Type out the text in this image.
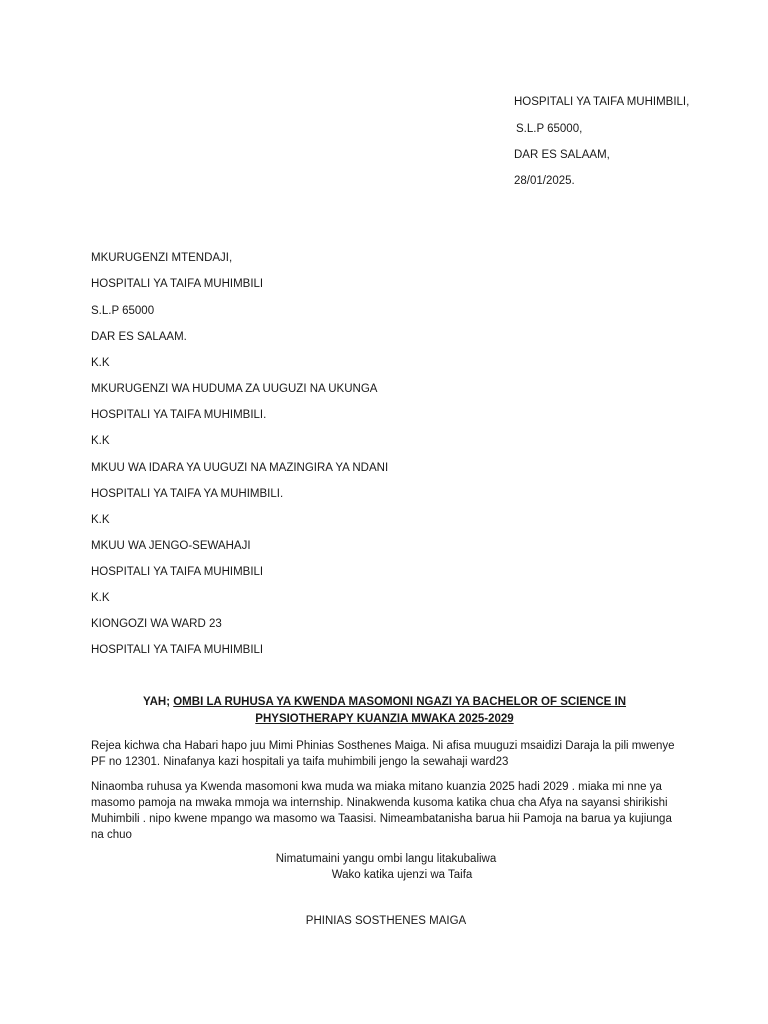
HOSPITALI YA TAIFA MUHIMBILI,
S.L.P 65000,
DAR ES SALAAM,
28/01/2025.
MKURUGENZI MTENDAJI,
HOSPITALI YA TAIFA MUHIMBILI
S.L.P 65000
DAR ES SALAAM.
K.K
MKURUGENZI WA HUDUMA ZA UUGUZI NA UKUNGA
HOSPITALI YA TAIFA MUHIMBILI.
K.K
MKUU WA IDARA YA UUGUZI NA MAZINGIRA YA NDANI
HOSPITALI YA TAIFA YA MUHIMBILI.
K.K
MKUU WA JENGO-SEWAHAJI
HOSPITALI YA TAIFA MUHIMBILI
K.K
KIONGOZI WA WARD 23
HOSPITALI YA TAIFA MUHIMBILI
YAH; OMBI LA RUHUSA YA KWENDA MASOMONI NGAZI YA BACHELOR OF SCIENCE IN
PHYSIOTHERAPY KUANZIA MWAKA 2025-2029
Rejea kichwa cha Habari hapo juu Mimi Phinias Sosthenes Maiga. Ni afisa muuguzi msaidizi Daraja la pili mwenye PF no 12301. Ninafanya kazi hospitali ya taifa muhimbili jengo la sewahaji ward23
Ninaomba ruhusa ya Kwenda masomoni kwa muda wa miaka mitano kuanzia 2025 hadi 2029 . miaka mi nne ya masomo pamoja na mwaka mmoja wa internship. Ninakwenda kusoma katika chua cha Afya na sayansi shirikishi Muhimbili . nipo kwene mpango wa masomo wa Taasisi. Nimeambatanisha barua hii Pamoja na barua ya kujiunga na chuo
Nimatumaini yangu ombi langu litakubaliwa
Wako katika ujenzi wa Taifa
PHINIAS SOSTHENES MAIGA
